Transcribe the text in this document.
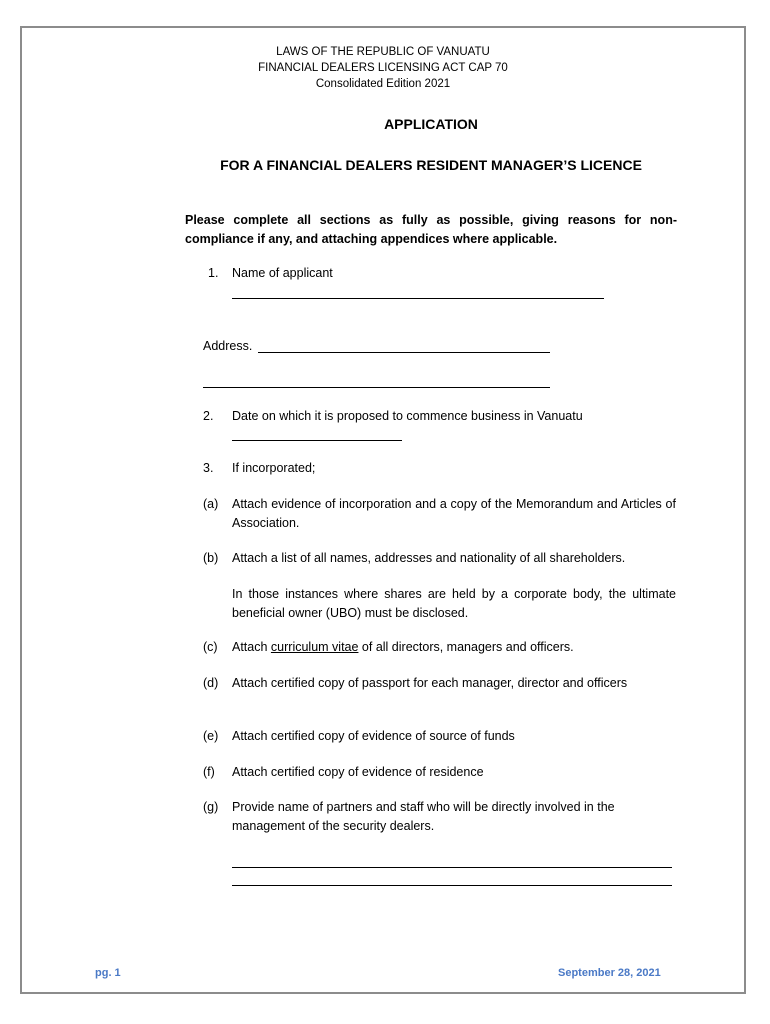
LAWS OF THE REPUBLIC OF VANUATU
FINANCIAL DEALERS LICENSING ACT CAP 70
Consolidated Edition 2021
APPLICATION
FOR A FINANCIAL DEALERS RESIDENT MANAGER’S LICENCE
Please complete all sections as fully as possible, giving reasons for non-compliance if any, and attaching appendices where applicable.
1. Name of applicant
Address.
2. Date on which it is proposed to commence business in Vanuatu
3. If incorporated;
(a) Attach evidence of incorporation and a copy of the Memorandum and Articles of Association.
(b) Attach a list of all names, addresses and nationality of all shareholders.
In those instances where shares are held by a corporate body, the ultimate beneficial owner (UBO) must be disclosed.
(c) Attach curriculum vitae of all directors, managers and officers.
(d) Attach certified copy of passport for each manager, director and officers
(e) Attach certified copy of evidence of source of funds
(f) Attach certified copy of evidence of residence
(g) Provide name of partners and staff who will be directly involved in the management of the security dealers.
pg. 1	September 28, 2021
